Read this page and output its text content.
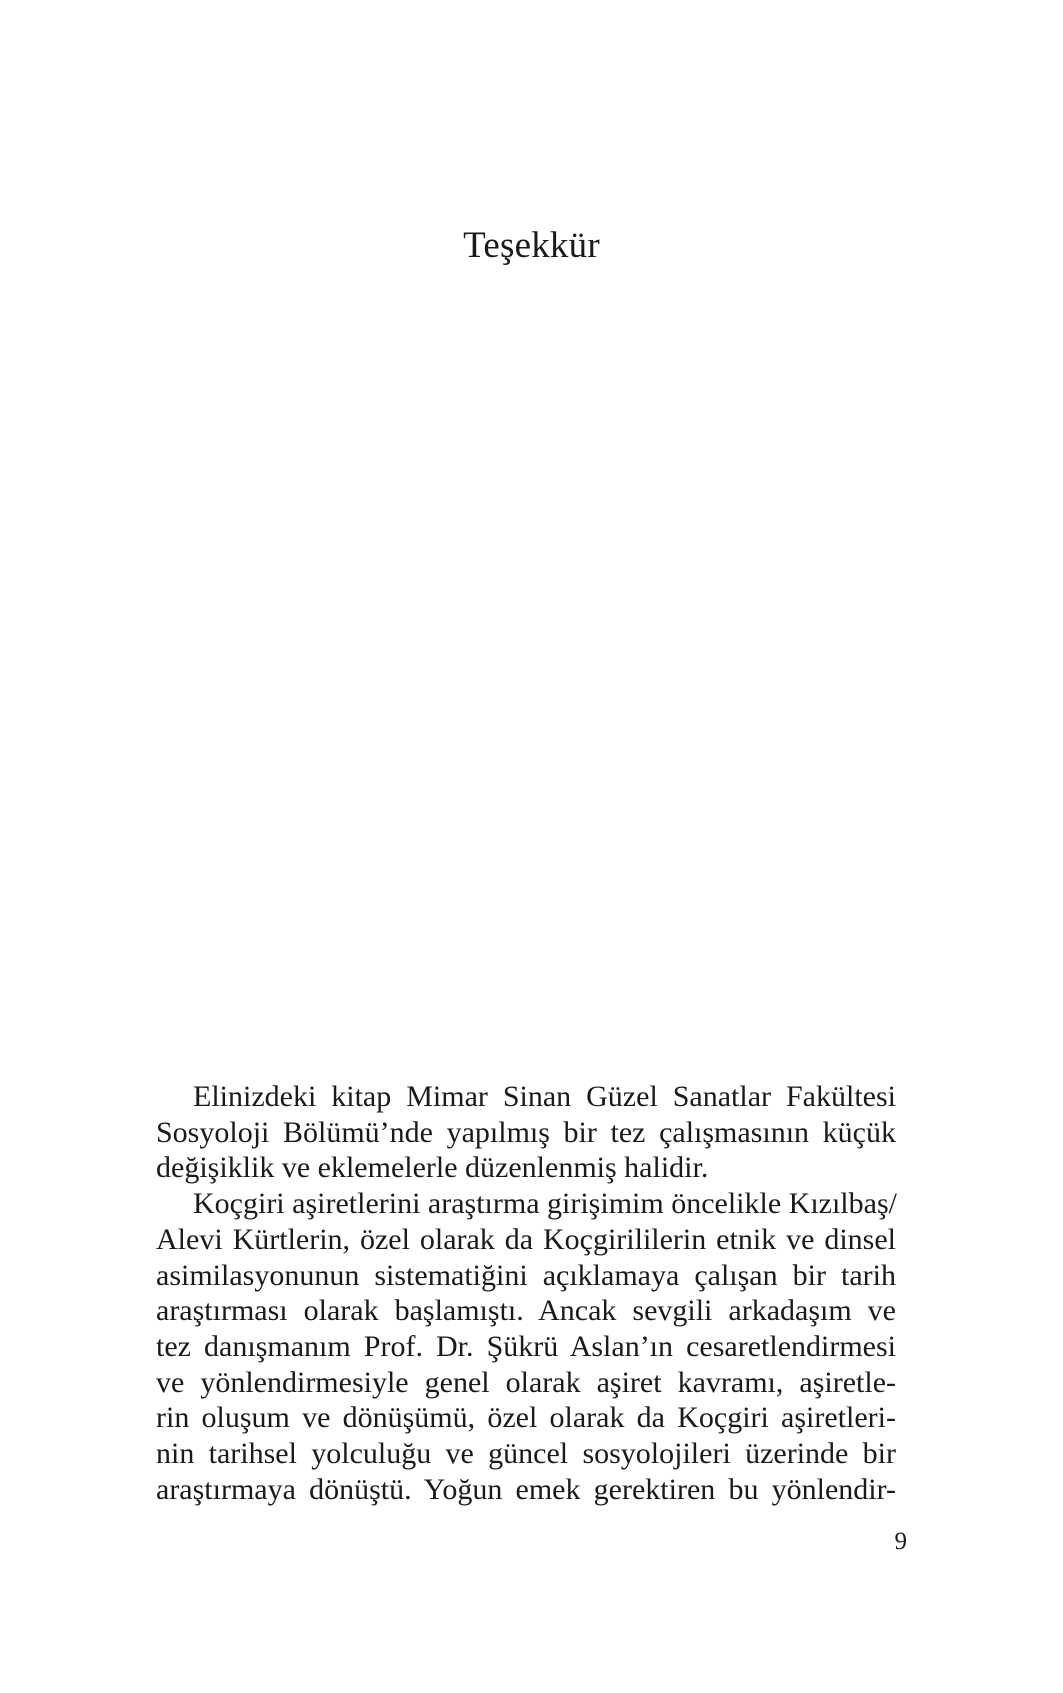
Teşekkür
Elinizdeki kitap Mimar Sinan Güzel Sanatlar Fakültesi
Sosyoloji Bölümü’nde yapılmış bir tez çalışmasının küçük
değişiklik ve eklemelerle düzenlenmiş halidir.
Koçgiri aşiretlerini araştırma girişimim öncelikle Kızılbaş/
Alevi Kürtlerin, özel olarak da Koçgirililerin etnik ve dinsel
asimilasyonunun sistematiğini açıklamaya çalışan bir tarih
araştırması olarak başlamıştı. Ancak sevgili arkadaşım ve
tez danışmanım Prof. Dr. Şükrü Aslan’ın cesaretlendirmesi
ve yönlendirmesiyle genel olarak aşiret kavramı, aşiretle-
rin oluşum ve dönüşümü, özel olarak da Koçgiri aşiretleri-
nin tarihsel yolculuğu ve güncel sosyolojileri üzerinde bir
araştırmaya dönüştü. Yoğun emek gerektiren bu yönlendir-

9
